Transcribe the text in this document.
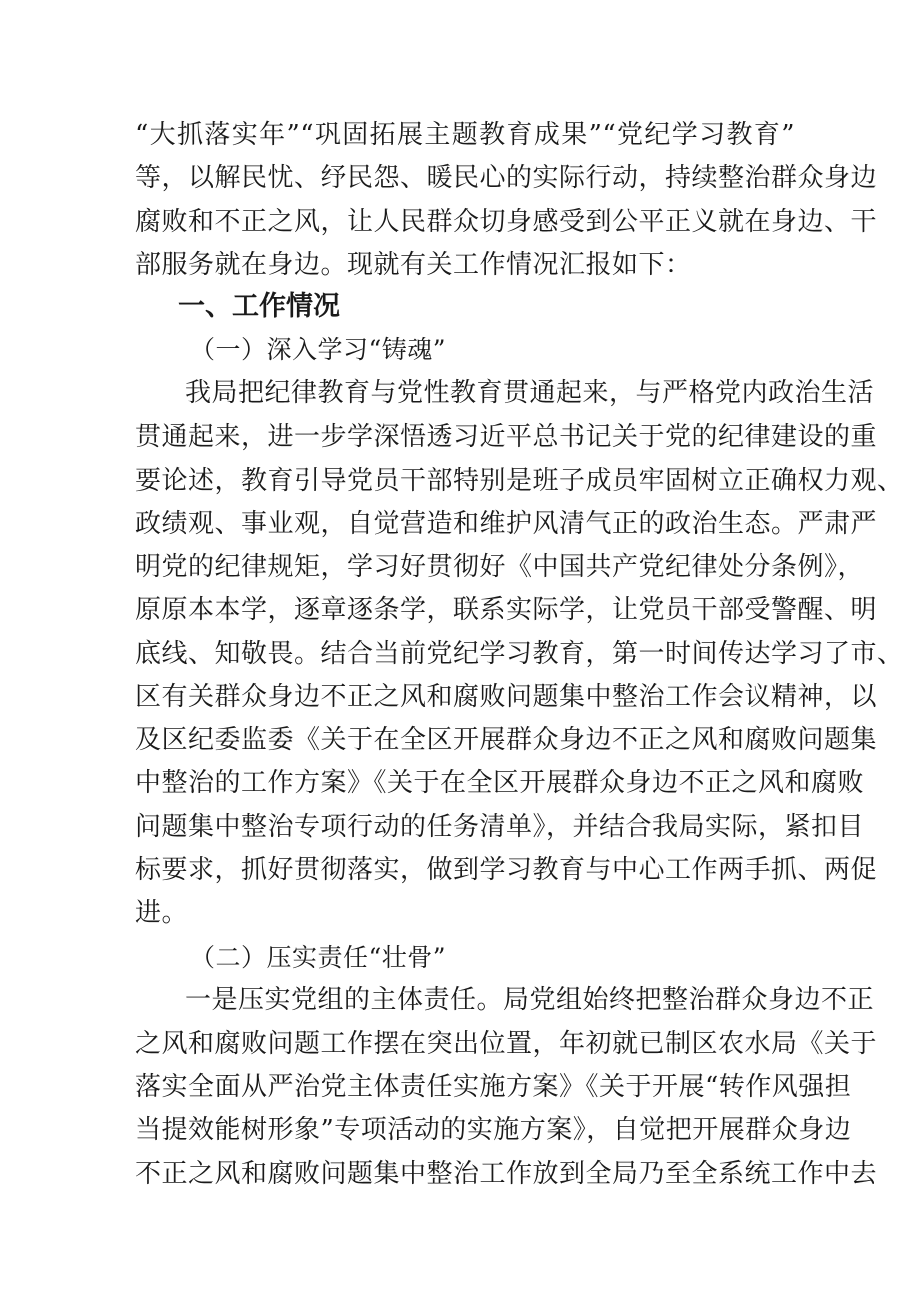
“大抓落实年”“巩固拓展主题教育成果”“党纪学习教育”
等，以解民忧、纾民怨、暖民心的实际行动，持续整治群众身边
腐败和不正之风，让人民群众切身感受到公平正义就在身边、干
部服务就在身边。现就有关工作情况汇报如下：
一、工作情况
（一）深入学习“铸魂”
我局把纪律教育与党性教育贯通起来，与严格党内政治生活
贯通起来，进一步学深悟透习近平总书记关于党的纪律建设的重
要论述，教育引导党员干部特别是班子成员牢固树立正确权力观、
政绩观、事业观，自觉营造和维护风清气正的政治生态。严肃严
明党的纪律规矩，学习好贯彻好《中国共产党纪律处分条例》，
原原本本学，逐章逐条学，联系实际学，让党员干部受警醒、明
底线、知敬畏。结合当前党纪学习教育，第一时间传达学习了市、
区有关群众身边不正之风和腐败问题集中整治工作会议精神，以
及区纪委监委《关于在全区开展群众身边不正之风和腐败问题集
中整治的工作方案》《关于在全区开展群众身边不正之风和腐败
问题集中整治专项行动的任务清单》，并结合我局实际，紧扣目
标要求，抓好贯彻落实，做到学习教育与中心工作两手抓、两促
进。
（二）压实责任“壮骨”
一是压实党组的主体责任。局党组始终把整治群众身边不正
之风和腐败问题工作摆在突出位置，年初就已制区农水局《关于
落实全面从严治党主体责任实施方案》《关于开展“转作风强担
当提效能树形象”专项活动的实施方案》，自觉把开展群众身边
不正之风和腐败问题集中整治工作放到全局乃至全系统工作中去
